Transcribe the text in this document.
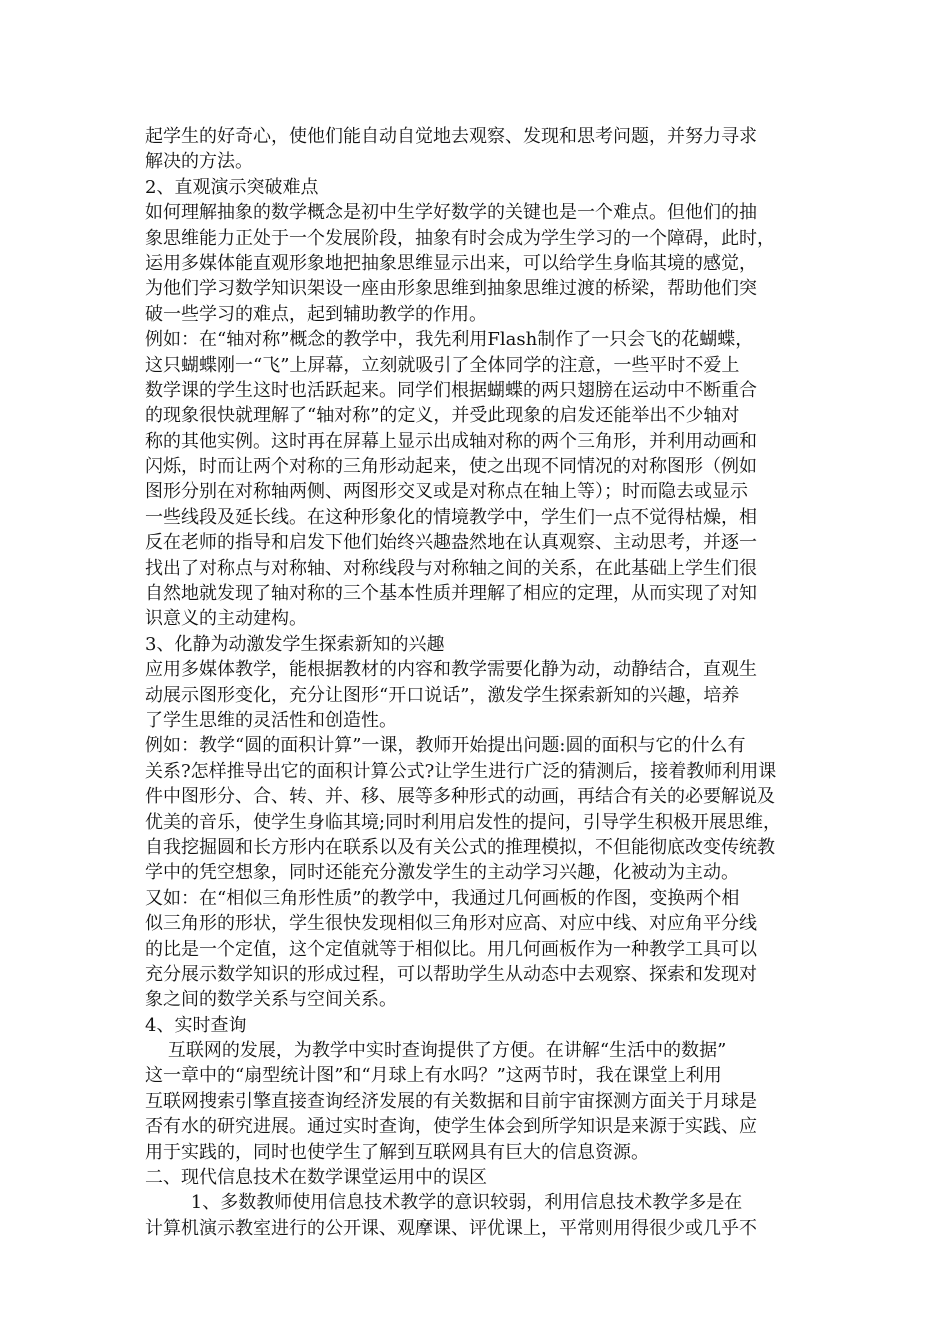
起学生的好奇心，使他们能自动自觉地去观察、发现和思考问题，并努力寻求
解决的方法。
2、直观演示突破难点
如何理解抽象的数学概念是初中生学好数学的关键也是一个难点。但他们的抽
象思维能力正处于一个发展阶段，抽象有时会成为学生学习的一个障碍，此时，
运用多媒体能直观形象地把抽象思维显示出来，可以给学生身临其境的感觉，
为他们学习数学知识架设一座由形象思维到抽象思维过渡的桥梁，帮助他们突
破一些学习的难点，起到辅助教学的作用。
例如：在“轴对称”概念的教学中，我先利用Flash制作了一只会飞的花蝴蝶，
这只蝴蝶刚一“飞”上屏幕，立刻就吸引了全体同学的注意，一些平时不爱上
数学课的学生这时也活跃起来。同学们根据蝴蝶的两只翅膀在运动中不断重合
的现象很快就理解了“轴对称”的定义，并受此现象的启发还能举出不少轴对
称的其他实例。这时再在屏幕上显示出成轴对称的两个三角形，并利用动画和
闪烁，时而让两个对称的三角形动起来，使之出现不同情况的对称图形（例如
图形分别在对称轴两侧、两图形交叉或是对称点在轴上等）；时而隐去或显示
一些线段及延长线。在这种形象化的情境教学中，学生们一点不觉得枯燥，相
反在老师的指导和启发下他们始终兴趣盎然地在认真观察、主动思考，并逐一
找出了对称点与对称轴、对称线段与对称轴之间的关系，在此基础上学生们很
自然地就发现了轴对称的三个基本性质并理解了相应的定理，从而实现了对知
识意义的主动建构。
3、化静为动激发学生探索新知的兴趣
应用多媒体教学，能根据教材的内容和教学需要化静为动，动静结合，直观生
动展示图形变化，充分让图形“开口说话”，激发学生探索新知的兴趣，培养
了学生思维的灵活性和创造性。
例如：教学“圆的面积计算”一课，教师开始提出问题:圆的面积与它的什么有
关系?怎样推导出它的面积计算公式?让学生进行广泛的猜测后，接着教师利用课
件中图形分、合、转、并、移、展等多种形式的动画，再结合有关的必要解说及
优美的音乐，使学生身临其境;同时利用启发性的提问，引导学生积极开展思维，
自我挖掘圆和长方形内在联系以及有关公式的推理模拟，不但能彻底改变传统教
学中的凭空想象，同时还能充分激发学生的主动学习兴趣，化被动为主动。
又如：在“相似三角形性质”的教学中，我通过几何画板的作图，变换两个相
似三角形的形状，学生很快发现相似三角形对应高、对应中线、对应角平分线
的比是一个定值，这个定值就等于相似比。用几何画板作为一种教学工具可以
充分展示数学知识的形成过程，可以帮助学生从动态中去观察、探索和发现对
象之间的数学关系与空间关系。
4、实时查询
互联网的发展，为教学中实时查询提供了方便。在讲解“生活中的数据”
这一章中的“扇型统计图”和“月球上有水吗？”这两节时，我在课堂上利用
互联网搜索引擎直接查询经济发展的有关数据和目前宇宙探测方面关于月球是
否有水的研究进展。通过实时查询，使学生体会到所学知识是来源于实践、应
用于实践的，同时也使学生了解到互联网具有巨大的信息资源。
二、现代信息技术在数学课堂运用中的误区
1、多数教师使用信息技术教学的意识较弱，利用信息技术教学多是在
计算机演示教室进行的公开课、观摩课、评优课上，平常则用得很少或几乎不
